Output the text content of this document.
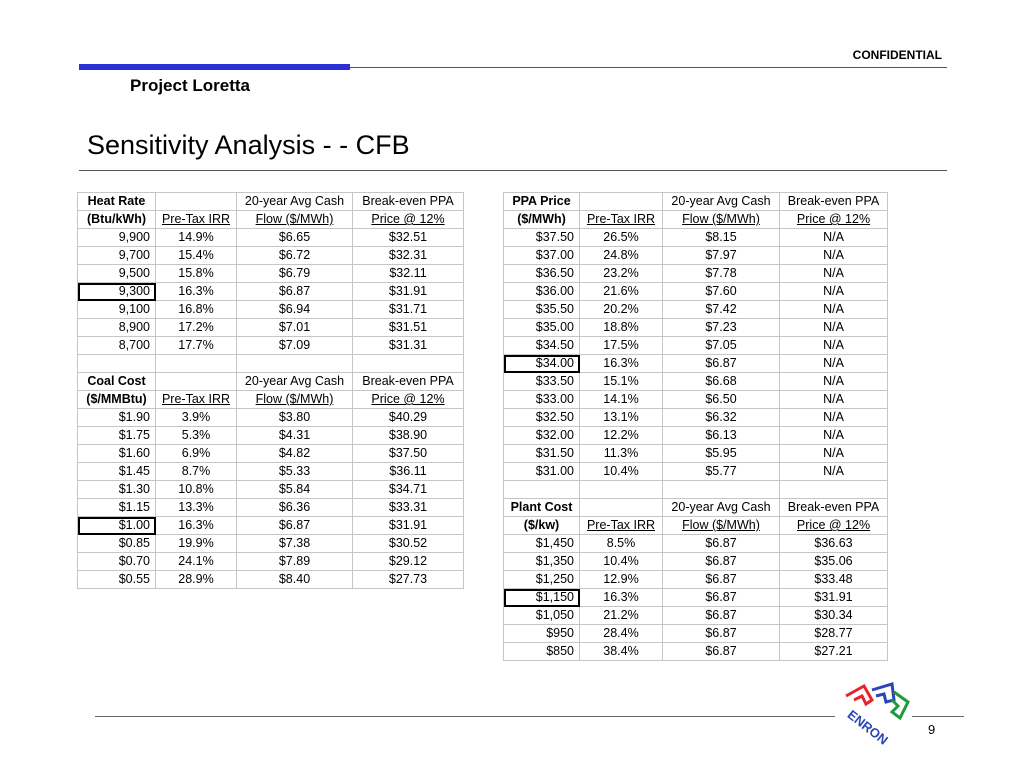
CONFIDENTIAL
Project Loretta
Sensitivity Analysis - - CFB
Heat Rate		20-year Avg Cash	Break-even PPA
(Btu/kWh)	Pre-Tax IRR	Flow ($/MWh)	Price @ 12%
9,900	14.9%	$6.65	$32.51
9,700	15.4%	$6.72	$32.31
9,500	15.8%	$6.79	$32.11
9,300	16.3%	$6.87	$31.91
9,100	16.8%	$6.94	$31.71
8,900	17.2%	$7.01	$31.51
8,700	17.7%	$7.09	$31.31

Coal Cost		20-year Avg Cash	Break-even PPA
($/MMBtu)	Pre-Tax IRR	Flow ($/MWh)	Price @ 12%
$1.90	3.9%	$3.80	$40.29
$1.75	5.3%	$4.31	$38.90
$1.60	6.9%	$4.82	$37.50
$1.45	8.7%	$5.33	$36.11
$1.30	10.8%	$5.84	$34.71
$1.15	13.3%	$6.36	$33.31
$1.00	16.3%	$6.87	$31.91
$0.85	19.9%	$7.38	$30.52
$0.70	24.1%	$7.89	$29.12
$0.55	28.9%	$8.40	$27.73
PPA Price		20-year Avg Cash	Break-even PPA
($/MWh)	Pre-Tax IRR	Flow ($/MWh)	Price @ 12%
$37.50	26.5%	$8.15	N/A
$37.00	24.8%	$7.97	N/A
$36.50	23.2%	$7.78	N/A
$36.00	21.6%	$7.60	N/A
$35.50	20.2%	$7.42	N/A
$35.00	18.8%	$7.23	N/A
$34.50	17.5%	$7.05	N/A
$34.00	16.3%	$6.87	N/A
$33.50	15.1%	$6.68	N/A
$33.00	14.1%	$6.50	N/A
$32.50	13.1%	$6.32	N/A
$32.00	12.2%	$6.13	N/A
$31.50	11.3%	$5.95	N/A
$31.00	10.4%	$5.77	N/A

Plant Cost		20-year Avg Cash	Break-even PPA
($/kw)	Pre-Tax IRR	Flow ($/MWh)	Price @ 12%
$1,450	8.5%	$6.87	$36.63
$1,350	10.4%	$6.87	$35.06
$1,250	12.9%	$6.87	$33.48
$1,150	16.3%	$6.87	$31.91
$1,050	21.2%	$6.87	$30.34
$950	28.4%	$6.87	$28.77
$850	38.4%	$6.87	$27.21
9
ENRON
